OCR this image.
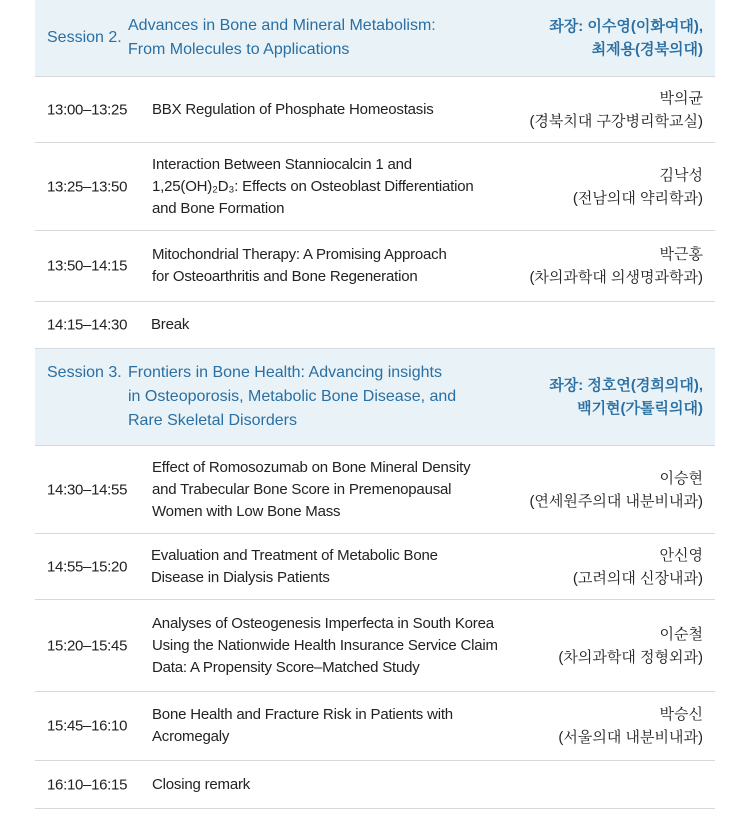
Session 2.
Advances in Bone and Mineral Metabolism:
From Molecules to Applications
좌장: 이수영(이화여대),
최제용(경북의대)
13:00–13:25 BBX Regulation of Phosphate Homeostasis
박의균
(경북치대 구강병리학교실)
13:25–13:50
Interaction Between Stanniocalcin 1 and
1,25(OH)₂D₃: Effects on Osteoblast Differentiation
and Bone Formation
김낙성
(전남의대 약리학과)
13:50–14:15
Mitochondrial Therapy: A Promising Approach
for Osteoarthritis and Bone Regeneration
박근홍
(차의과학대 의생명과학과)
14:15–14:30 Break
Session 3. Frontiers in Bone Health: Advancing insights
in Osteoporosis, Metabolic Bone Disease, and
Rare Skeletal Disorders
좌장: 정호연(경희의대),
백기현(가톨릭의대)
14:30–14:55
Effect of Romosozumab on Bone Mineral Density
and Trabecular Bone Score in Premenopausal
Women with Low Bone Mass
이승현
(연세원주의대 내분비내과)
14:55–15:20
Evaluation and Treatment of Metabolic Bone
Disease in Dialysis Patients
안신영
(고려의대 신장내과)
15:20–15:45
Analyses of Osteogenesis Imperfecta in South Korea
Using the Nationwide Health Insurance Service Claim
Data: A Propensity Score–Matched Study
이순철
(차의과학대 정형외과)
15:45–16:10
Bone Health and Fracture Risk in Patients with
Acromegaly
박승신
(서울의대 내분비내과)
16:10–16:15 Closing remark
